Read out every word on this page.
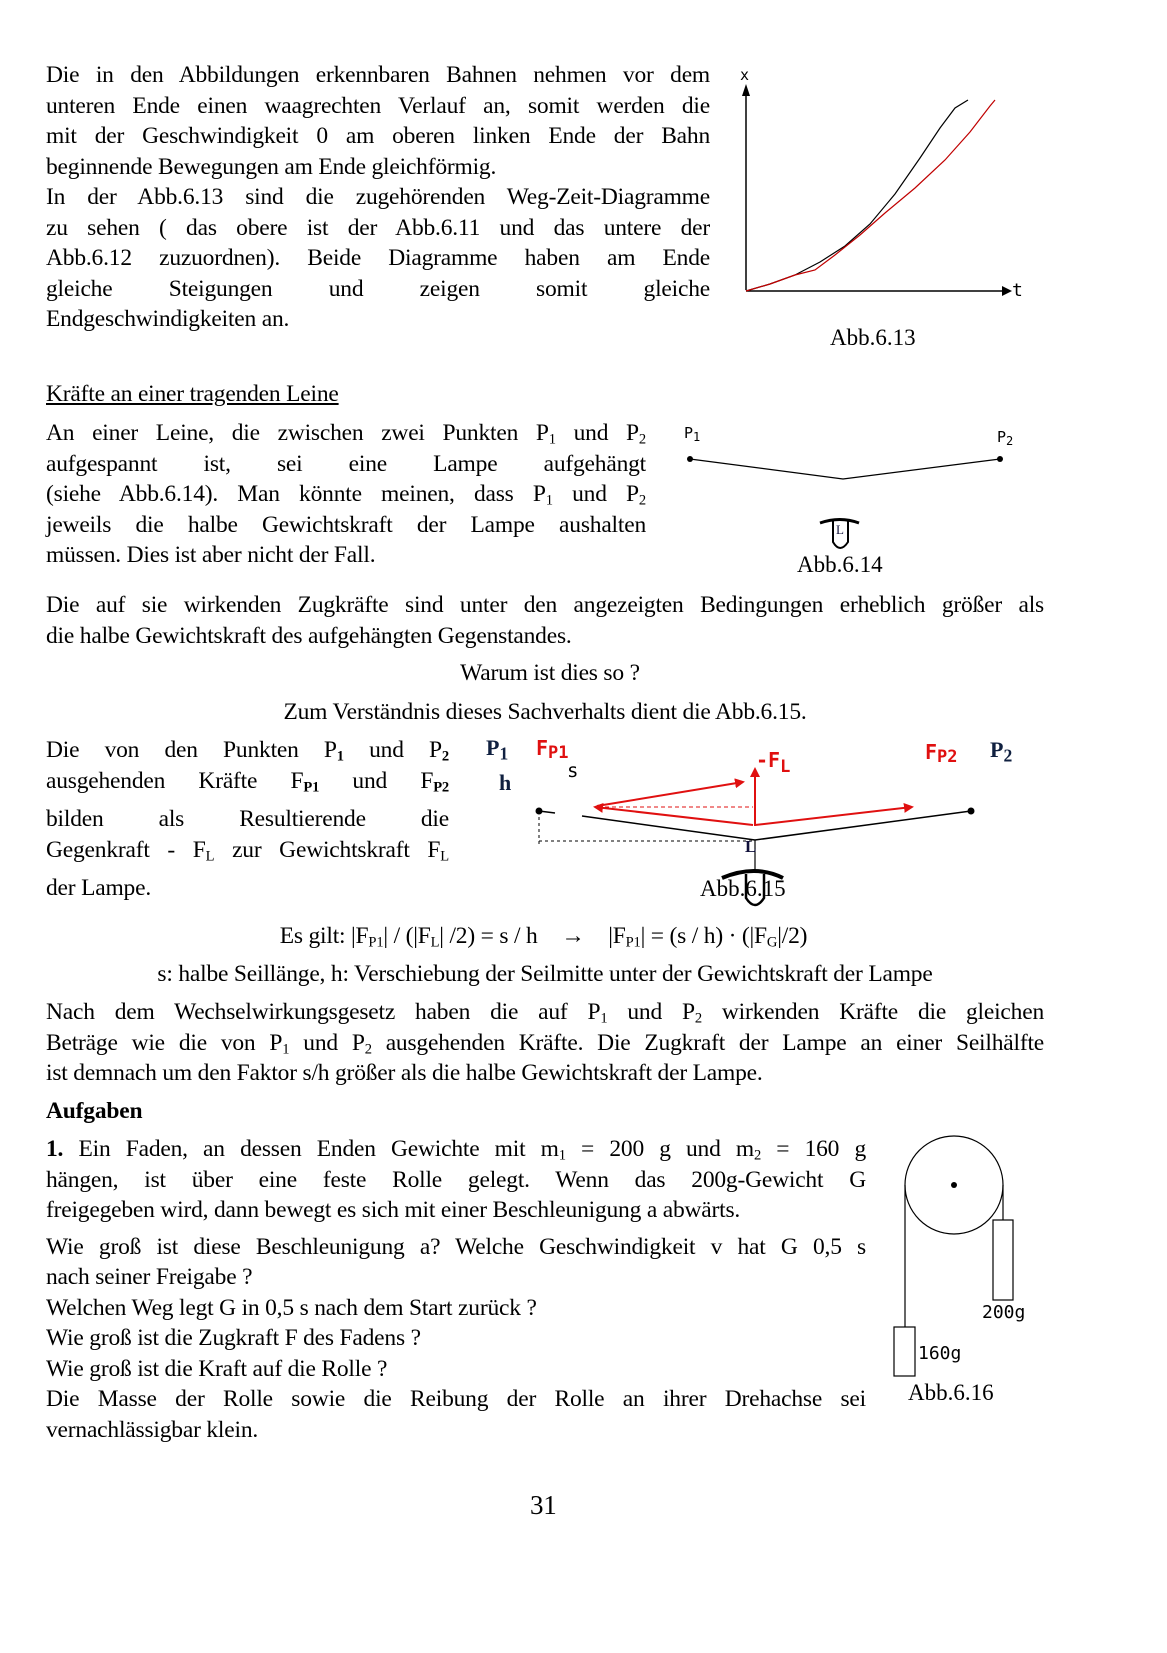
Die in den Abbildungen erkennbaren Bahnen nehmen vor dem
unteren Ende einen waagrechten Verlauf an, somit werden die
mit der Geschwindigkeit 0 am oberen linken Ende der Bahn
beginnende Bewegungen am Ende gleichförmig.
In der Abb.6.13 sind die zugehörenden Weg-Zeit-Diagramme
zu sehen ( das obere ist der Abb.6.11 und das untere der
Abb.6.12 zuzuordnen). Beide Diagramme haben am Ende
gleiche Steigungen und zeigen somit gleiche
Endgeschwindigkeiten an.
x
t
Abb.6.13
Kräfte an einer tragenden Leine
An einer Leine, die zwischen zwei Punkten $P_1$ und $P_2$
aufgespannt ist, sei eine Lampe aufgehängt
(siehe Abb.6.14). Man könnte meinen, dass $P_1$ und $P_2$
jeweils die halbe Gewichtskraft der Lampe aushalten
müssen. Dies ist aber nicht der Fall.
$P_1$	$P_2$
L
Abb.6.14
Die auf sie wirkenden Zugkräfte sind unter den angezeigten Bedingungen erheblich größer als
die halbe Gewichtskraft des aufgehängten Gegenstandes.
Warum ist dies so ?
Zum Verständnis dieses Sachverhalts dient die Abb.6.15.
Die von den Punkten P1 und P2
ausgehenden Kräfte FP1 und FP2
bilden als Resultierende die
Gegenkraft - $F_L$ zur Gewichtskraft $F_L$
der Lampe.
$P_1$	$P_2$
FP1	FP2
$-F_L$
s
h
L
Abb.6.15
Es gilt: $|F_{P1}| / (|F_L|$ $/2) = s / h \to |F_{P1}| = (s / h) \cdot (|F_G|/2)$
s: halbe Seillänge, h: Verschiebung der Seilmitte unter der Gewichtskraft der Lampe
Nach dem Wechselwirkungsgesetz haben die auf $P_1$ und $P_2$ wirkenden Kräfte die gleichen
Beträge wie die von $P_1$ und $P_2$ ausgehenden Kräfte. Die Zugkraft der Lampe an einer Seilhälfte
ist demnach um den Faktor s/h größer als die halbe Gewichtskraft der Lampe.
Aufgaben
1. Ein Faden, an dessen Enden Gewichte mit $m_1 = 200$ g und $m_2 = 160$ g
hängen, ist über eine feste Rolle gelegt. Wenn das 200g-Gewicht G
freigegeben wird, dann bewegt es sich mit einer Beschleunigung a abwärts.
Wie groß ist diese Beschleunigung a? Welche Geschwindigkeit v hat G 0,5 s
nach seiner Freigabe ?
Welchen Weg legt G in 0,5 s nach dem Start zurück ?
Wie groß ist die Zugkraft F des Fadens ?
Wie groß ist die Kraft auf die Rolle ?
Die Masse der Rolle sowie die Reibung der Rolle an ihrer Drehachse sei
vernachlässigbar klein.
200g
160g
Abb.6.16
31
